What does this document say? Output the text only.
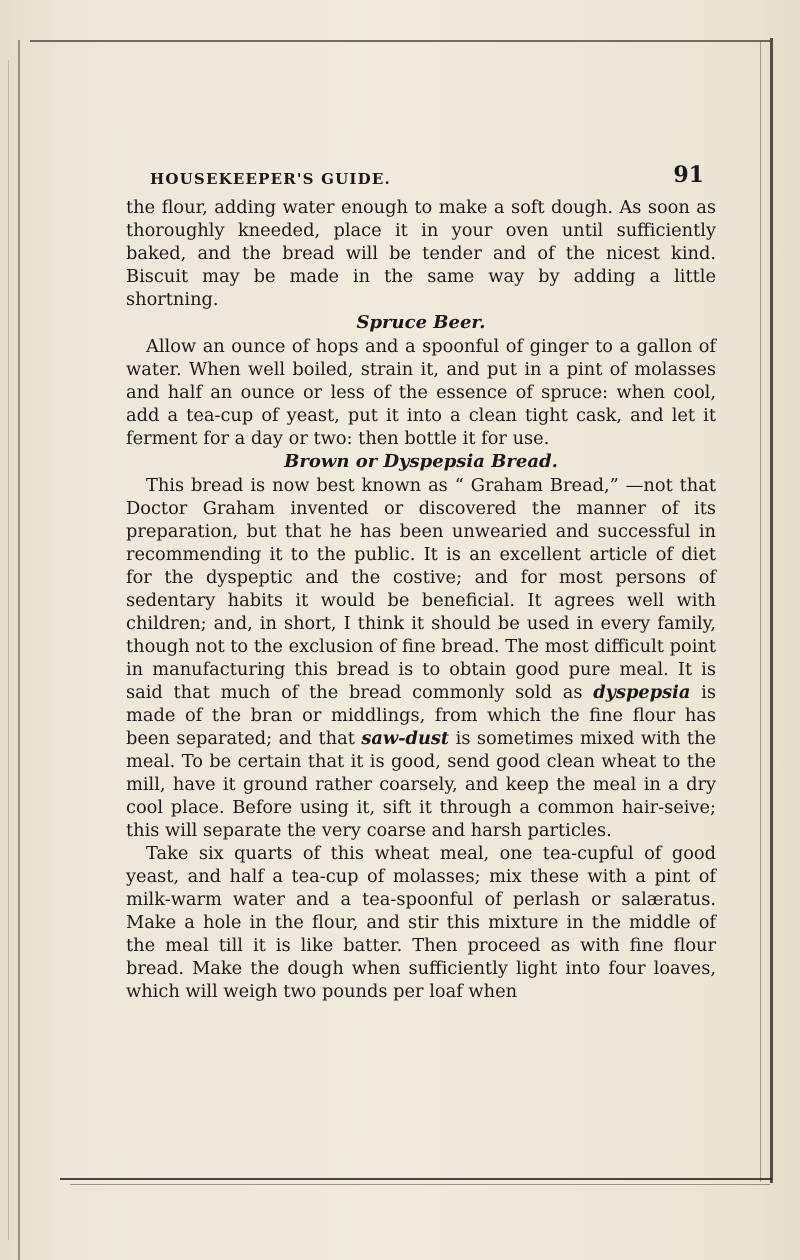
HOUSEKEEPER'S GUIDE.	91

the flour, adding water enough to make a soft dough. As soon as thoroughly kneeded, place it in your oven until sufficiently baked, and the bread will be tender and of the nicest kind. Biscuit may be made in the same way by adding a little shortning.

Spruce Beer.

Allow an ounce of hops and a spoonful of ginger to a gallon of water. When well boiled, strain it, and put in a pint of molasses and half an ounce or less of the essence of spruce: when cool, add a tea-cup of yeast, put it into a clean tight cask, and let it ferment for a day or two: then bottle it for use.

Brown or Dyspepsia Bread.

This bread is now best known as “ Graham Bread,” —not that Doctor Graham invented or discovered the manner of its preparation, but that he has been unwearied and successful in recommending it to the public. It is an excellent article of diet for the dyspeptic and the costive; and for most persons of sedentary habits it would be beneficial. It agrees well with children; and, in short, I think it should be used in every family, though not to the exclusion of fine bread. The most difficult point in manufacturing this bread is to obtain good pure meal. It is said that much of the bread commonly sold as dyspepsia is made of the bran or middlings, from which the fine flour has been separated; and that saw-dust is sometimes mixed with the meal. To be certain that it is good, send good clean wheat to the mill, have it ground rather coarsely, and keep the meal in a dry cool place. Before using it, sift it through a common hair-seive; this will separate the very coarse and harsh particles.

Take six quarts of this wheat meal, one tea-cupful of good yeast, and half a tea-cup of molasses; mix these with a pint of milk-warm water and a tea-spoonful of perlash or salæratus. Make a hole in the flour, and stir this mixture in the middle of the meal till it is like batter. Then proceed as with fine flour bread. Make the dough when sufficiently light into four loaves, which will weigh two pounds per loaf when
